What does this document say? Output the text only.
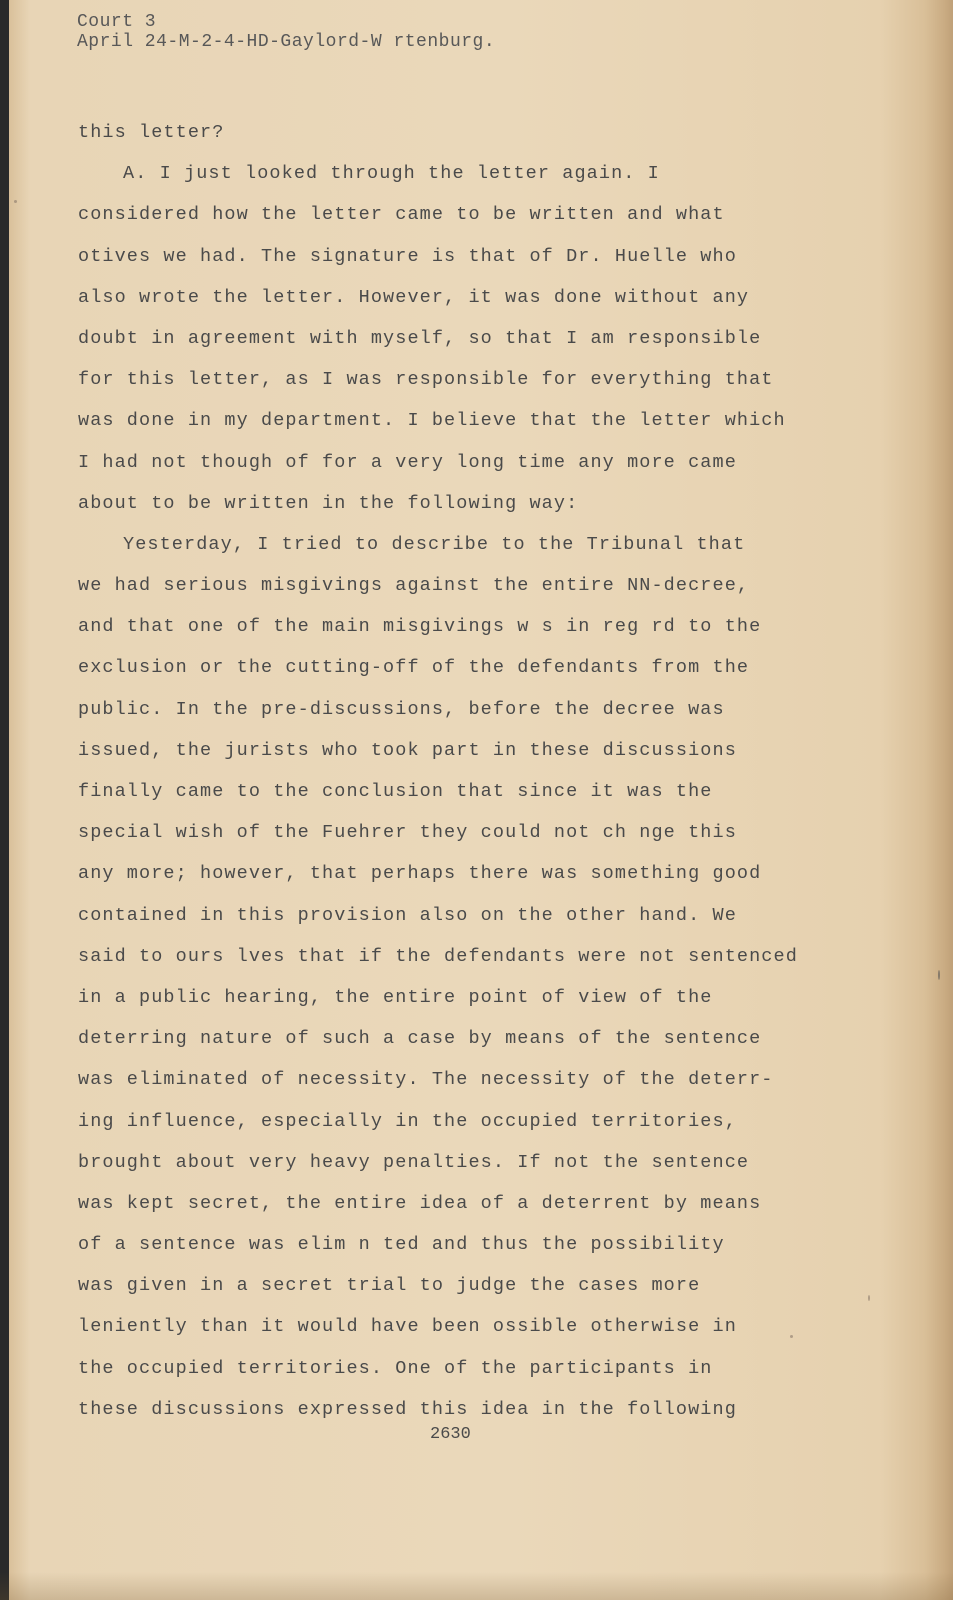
Court 3
April 24-M-2-4-HD-Gaylord-W rtenburg.
this letter?
A. I just looked through the letter again. I
considered how the letter came to be written and what
otives we had. The signature is that of Dr. Huelle who
also wrote the letter. However, it was done without any
doubt in agreement with myself, so that I am responsible
for this letter, as I was responsible for everything that
was done in my department. I believe that the letter which
I had not though of for a very long time any more came
about to be written in the following way:
Yesterday, I tried to describe to the Tribunal that
we had serious misgivings against the entire NN-decree,
and that one of the main misgivings w s in reg rd to the
exclusion or the cutting-off of the defendants from the
public. In the pre-discussions, before the decree was
issued, the jurists who took part in these discussions
finally came to the conclusion that since it was the
special wish of the Fuehrer they could not ch nge this
any more; however, that perhaps there was something good
contained in this provision also on the other hand. We
said to ours lves that if the defendants were not sentenced
in a public hearing, the entire point of view of the
deterring nature of such a case by means of the sentence
was eliminated of necessity. The necessity of the deterr-
ing influence, especially in the occupied territories,
brought about very heavy penalties. If not the sentence
was kept secret, the entire idea of a deterrent by means
of a sentence was elim n ted and thus the possibility
was given in a secret trial to judge the cases more
leniently than it would have been ossible otherwise in
the occupied territories. One of the participants in
these discussions expressed this idea in the following
2630
